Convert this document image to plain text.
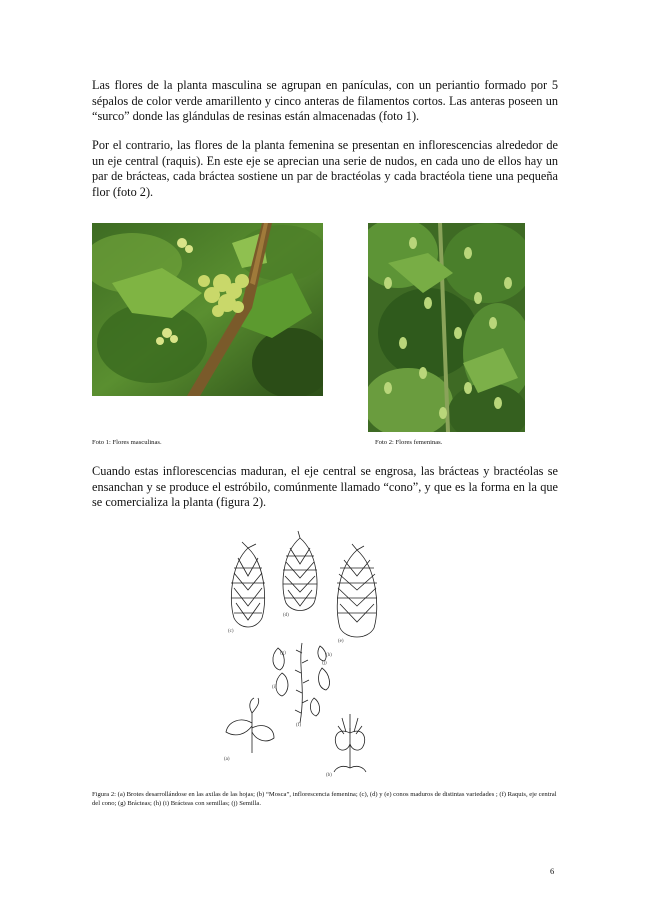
Las flores de la planta masculina se agrupan en panículas, con un periantio formado por 5 sépalos de color verde amarillento y cinco anteras de filamentos cortos. Las anteras poseen un “surco” donde las glándulas de resinas están almacenadas (foto 1).

Por el contrario, las flores de la planta femenina se presentan en inflorescencias alrededor de un eje central (raquis). En este eje se aprecian una serie de nudos, en cada uno de ellos hay un par de brácteas, cada bráctea sostiene un par de bractéolas y cada bractéola tiene una pequeña flor (foto 2).

Foto 1: Flores masculinas.	Foto 2: Flores femeninas.

Cuando estas inflorescencias maduran, el eje central se engrosa, las brácteas y bractéolas se ensanchan y se produce el estróbilo, comúnmente llamado “cono”, y que es la forma en la que se comercializa la planta (figura 2).

(c)
(d)
(e)
(g)	(h)
(j)
(i)
(f)
(a)
(b)

Figura 2: (a) Brotes desarrollándose en las axilas de las hojas; (b) “Mosca”, inflorescencia femenina; (c), (d) y (e) conos maduros de distintas variedades ; (f) Raquis, eje central del cono; (g) Brácteas; (h) (i) Brácteas con semillas; (j) Semilla.

6
